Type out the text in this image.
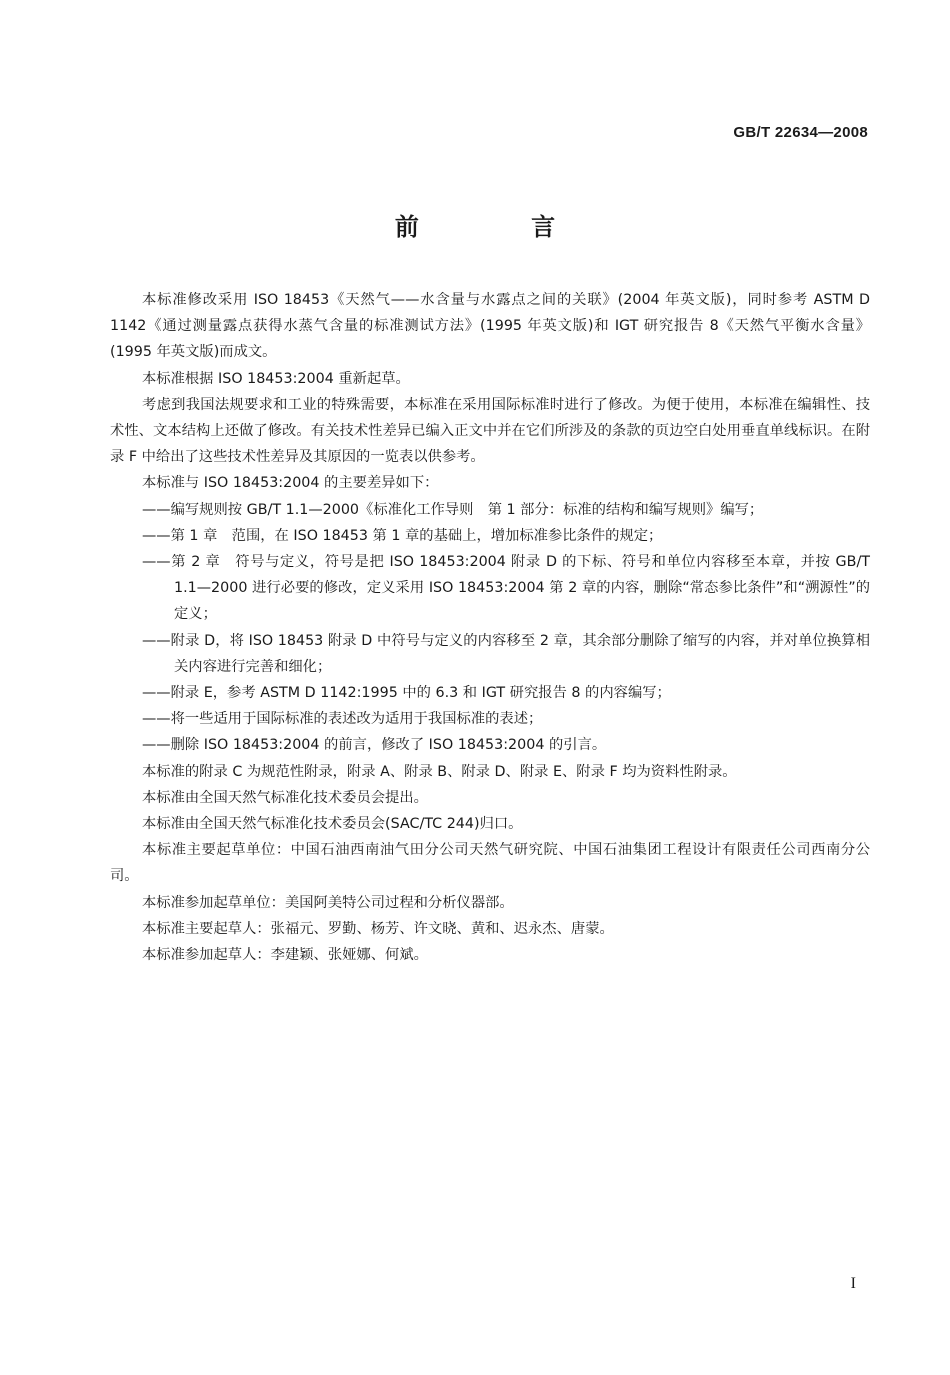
GB/T 22634—2008
前 言

本标准修改采用 ISO 18453《天然气——水含量与水露点之间的关联》(2004 年英文版)，同时参考 ASTM D 1142《通过测量露点获得水蒸气含量的标准测试方法》(1995 年英文版)和 IGT 研究报告 8《天然气平衡水含量》(1995 年英文版)而成文。

本标准根据 ISO 18453:2004 重新起草。

考虑到我国法规要求和工业的特殊需要，本标准在采用国际标准时进行了修改。为便于使用，本标准在编辑性、技术性、文本结构上还做了修改。有关技术性差异已编入正文中并在它们所涉及的条款的页边空白处用垂直单线标识。在附录 F 中给出了这些技术性差异及其原因的一览表以供参考。

本标准与 ISO 18453:2004 的主要差异如下：

——编写规则按 GB/T 1.1—2000《标准化工作导则　第 1 部分：标准的结构和编写规则》编写；

——第 1 章　范围，在 ISO 18453 第 1 章的基础上，增加标准参比条件的规定；

——第 2 章　符号与定义，符号是把 ISO 18453:2004 附录 D 的下标、符号和单位内容移至本章，并按 GB/T 1.1—2000 进行必要的修改，定义采用 ISO 18453:2004 第 2 章的内容，删除“常态参比条件”和“溯源性”的定义；

——附录 D，将 ISO 18453 附录 D 中符号与定义的内容移至 2 章，其余部分删除了缩写的内容，并对单位换算相关内容进行完善和细化；

——附录 E，参考 ASTM D 1142:1995 中的 6.3 和 IGT 研究报告 8 的内容编写；

——将一些适用于国际标准的表述改为适用于我国标准的表述；

——删除 ISO 18453:2004 的前言，修改了 ISO 18453:2004 的引言。

本标准的附录 C 为规范性附录，附录 A、附录 B、附录 D、附录 E、附录 F 均为资料性附录。

本标准由全国天然气标准化技术委员会提出。

本标准由全国天然气标准化技术委员会(SAC/TC 244)归口。

本标准主要起草单位：中国石油西南油气田分公司天然气研究院、中国石油集团工程设计有限责任公司西南分公司。

本标准参加起草单位：美国阿美特公司过程和分析仪器部。

本标准主要起草人：张福元、罗勤、杨芳、许文晓、黄和、迟永杰、唐蒙。

本标准参加起草人：李建颖、张娅娜、何斌。

I
